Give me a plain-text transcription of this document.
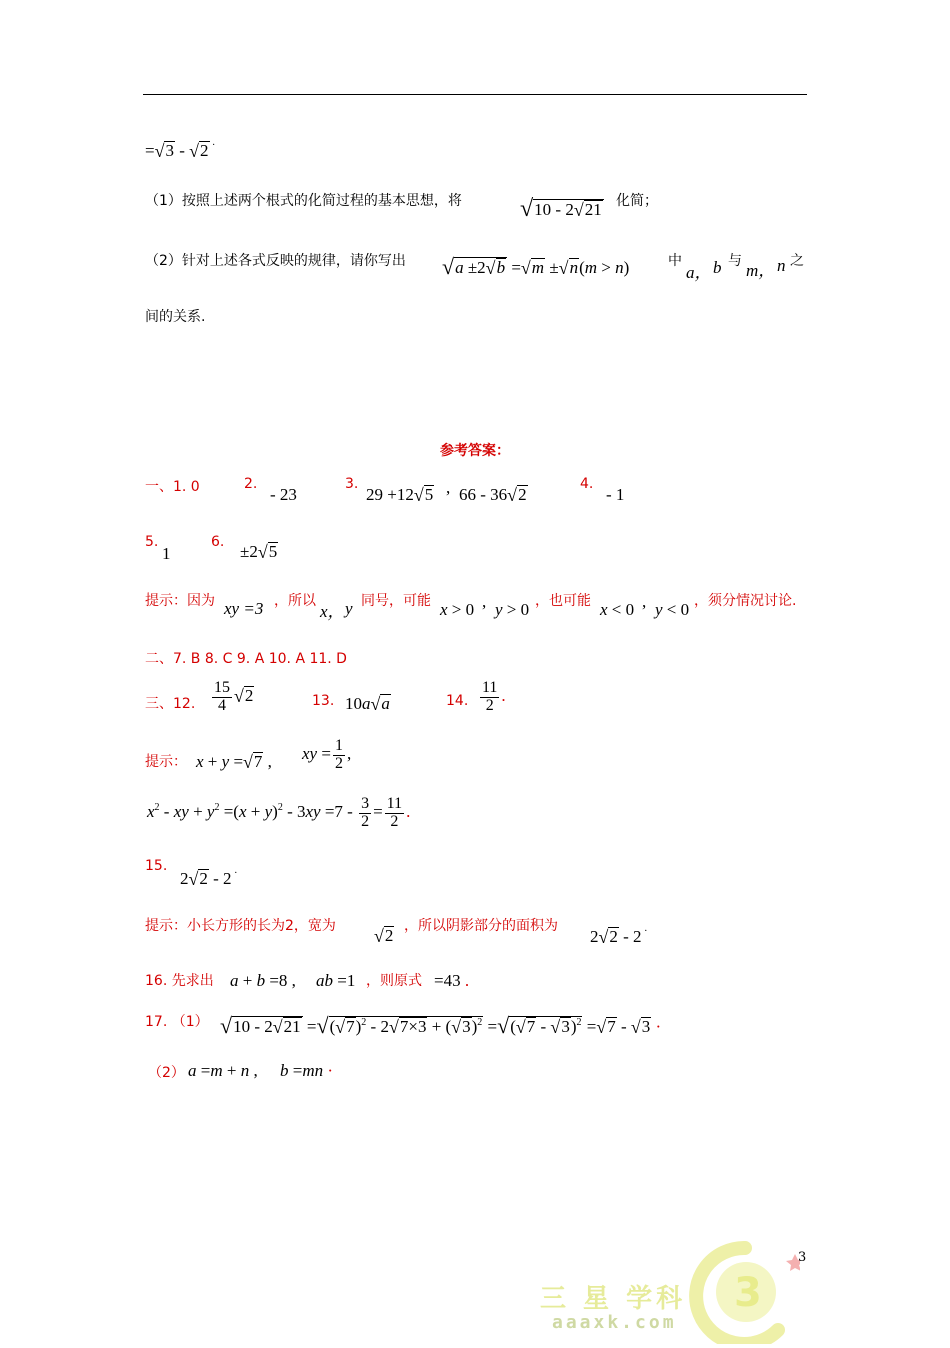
=√3 - √2 ·
（1）按照上述两个根式的化简过程的基本思想，将 √10 - 2√21 化简；
（2）针对上述各式反映的规律，请你写出 √a ±2√b =√m ±√n(m > n)	中
a， b 与 m， n 之
间的关系.
参考答案：
一、1. 0	2.
- 23
3.
29 +12√5 , 66 - 36√2
4.
- 1
5.
1
6. ±2√5
提示：因为 xy =3 ，所以
x， y 同号，可能 x > 0 , y > 0 ，也可能 x < 0 , y < 0 ，须分情况讨论.
二、7. B 8. C 9. A 10. A 11. D
三、12. $\frac{15}{4} √2$	13. 10a√a	14. $\frac{11}{2}$ .
提示： x + y =√7 , xy = $\frac{1}{2}$ ,
$x^2$ - xy + $y^2 =(x + y)^2 - 3xy =7 - \frac{3}{2} = \frac{11}{2}$ .
15.
2√2 - 2 ·
提示：小长方形的长为2，宽为 √2 ，所以阴影部分的面积为
2√2 - 2 ·
16. 先求出 a + b =8 , ab =1 ，则原式 =43 .
17. （1） $√10 - 2√21 =√(√7)^2 - 2√7\times 3 + (√3)^2 =√(√7 - √3)^2 =√7 - √3$ ·
（2） a =m + n , b =mn ·
3
三 星 学科
aaaxk.com
3
